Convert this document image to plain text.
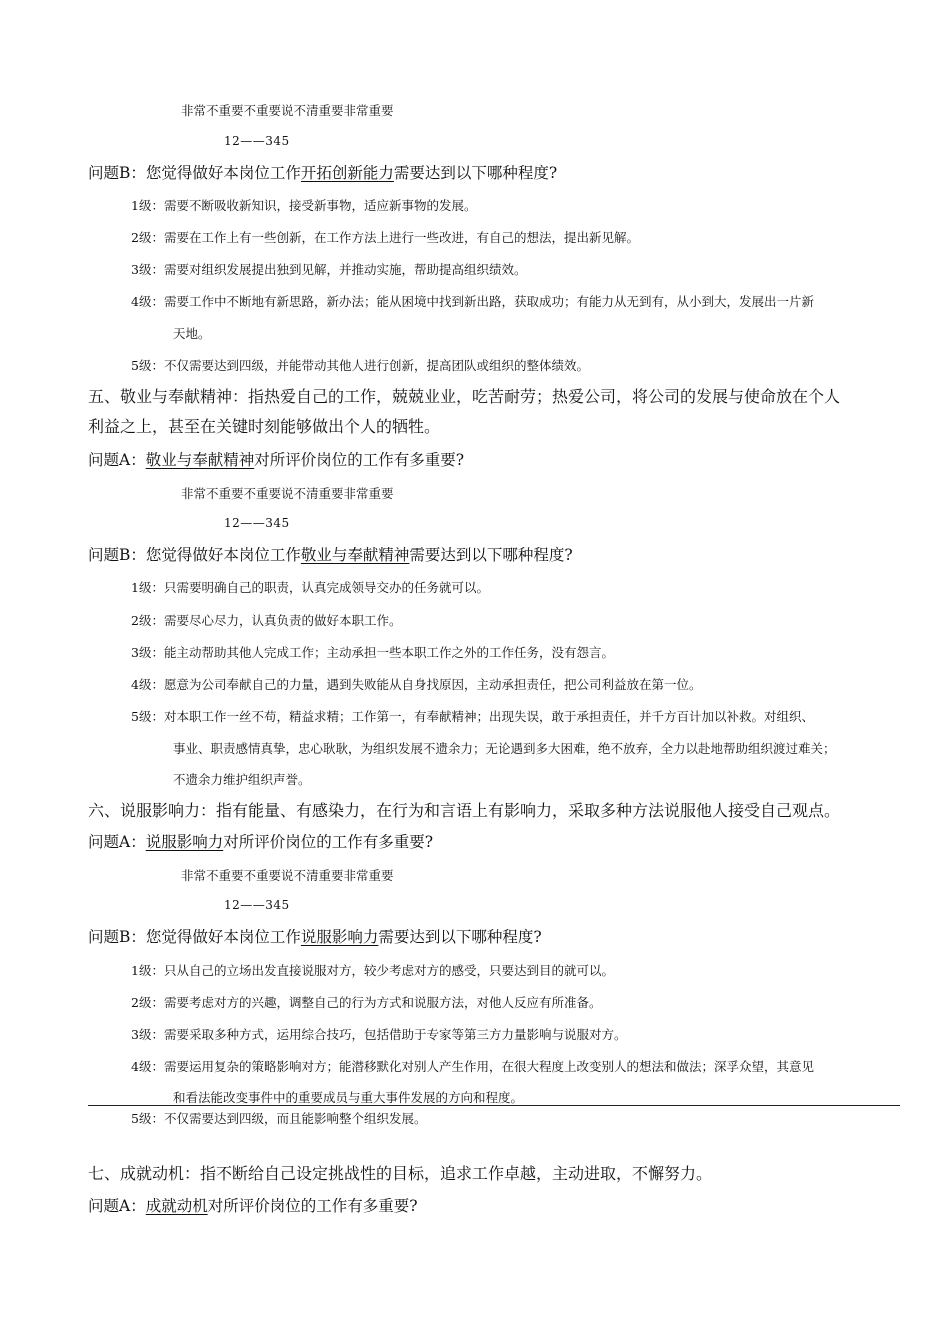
非常不重要不重要说不清重要非常重要
12——345
问题B：您觉得做好本岗位工作开拓创新能力需要达到以下哪种程度?
1级：需要不断吸收新知识，接受新事物，适应新事物的发展。
2级：需要在工作上有一些创新，在工作方法上进行一些改进，有自己的想法，提出新见解。
3级：需要对组织发展提出独到见解，并推动实施，帮助提高组织绩效。
4级：需要工作中不断地有新思路，新办法；能从困境中找到新出路，获取成功；有能力从无到有，从小到大，发展出一片新
天地。
5级：不仅需要达到四级，并能带动其他人进行创新，提高团队或组织的整体绩效。
五、敬业与奉献精神：指热爱自己的工作，兢兢业业，吃苦耐劳；热爱公司，将公司的发展与使命放在个人
利益之上，甚至在关键时刻能够做出个人的牺牲。
问题A：敬业与奉献精神对所评价岗位的工作有多重要?
非常不重要不重要说不清重要非常重要
12——345
问题B：您觉得做好本岗位工作敬业与奉献精神需要达到以下哪种程度?
1级：只需要明确自己的职责，认真完成领导交办的任务就可以。
2级：需要尽心尽力，认真负责的做好本职工作。
3级：能主动帮助其他人完成工作；主动承担一些本职工作之外的工作任务，没有怨言。
4级：愿意为公司奉献自己的力量，遇到失败能从自身找原因，主动承担责任，把公司利益放在第一位。
5级：对本职工作一丝不苟，精益求精；工作第一，有奉献精神；出现失误，敢于承担责任，并千方百计加以补救。对组织、
事业、职责感情真挚，忠心耿耿，为组织发展不遗余力；无论遇到多大困难，绝不放弃，全力以赴地帮助组织渡过难关；
不遗余力维护组织声誉。
六、说服影响力：指有能量、有感染力，在行为和言语上有影响力，采取多种方法说服他人接受自己观点。
问题A：说服影响力对所评价岗位的工作有多重要?
非常不重要不重要说不清重要非常重要
12——345
问题B：您觉得做好本岗位工作说服影响力需要达到以下哪种程度?
1级：只从自己的立场出发直接说服对方，较少考虑对方的感受，只要达到目的就可以。
2级：需要考虑对方的兴趣，调整自己的行为方式和说服方法，对他人反应有所准备。
3级：需要采取多种方式，运用综合技巧，包括借助于专家等第三方力量影响与说服对方。
4级：需要运用复杂的策略影响对方；能潜移默化对别人产生作用，在很大程度上改变别人的想法和做法；深孚众望，其意见
和看法能改变事件中的重要成员与重大事件发展的方向和程度。
5级：不仅需要达到四级，而且能影响整个组织发展。
七、成就动机：指不断给自己设定挑战性的目标，追求工作卓越，主动进取，不懈努力。
问题A：成就动机对所评价岗位的工作有多重要?
